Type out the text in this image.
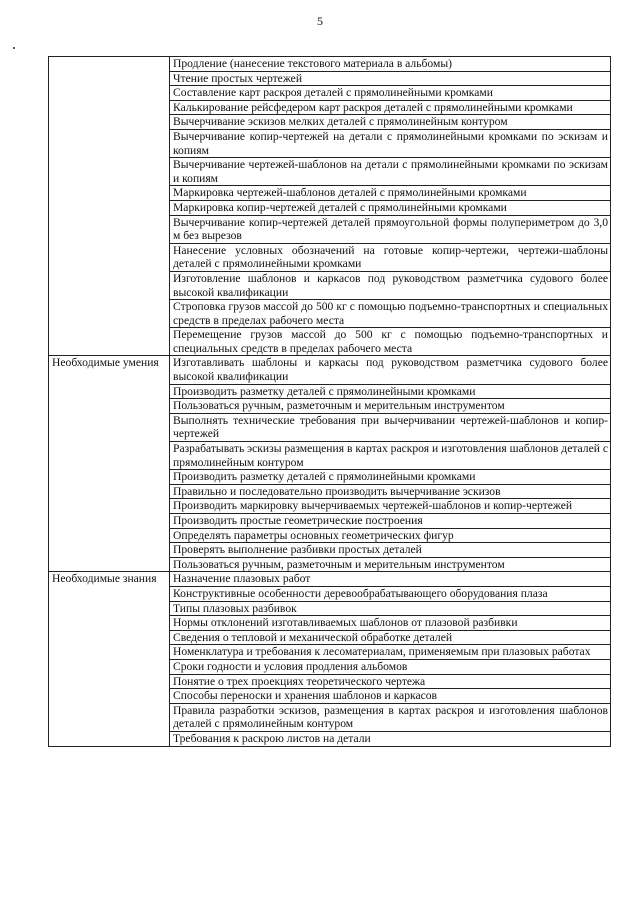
5
	Продление (нанесение текстового материала в альбомы)
	Чтение простых чертежей
	Составление карт раскроя деталей с прямолинейными кромками
	Калькирование рейсфедером карт раскроя деталей с прямолинейными кромками
	Вычерчивание эскизов мелких деталей с прямолинейным контуром
	Вычерчивание копир-чертежей на детали с прямолинейными кромками по эскизам и копиям
	Вычерчивание чертежей-шаблонов на детали с прямолинейными кромками по эскизам и копиям
	Маркировка чертежей-шаблонов деталей с прямолинейными кромками
	Маркировка копир-чертежей деталей с прямолинейными кромками
	Вычерчивание копир-чертежей деталей прямоугольной формы полупериметром до 3,0 м без вырезов
	Нанесение условных обозначений на готовые копир-чертежи, чертежи-шаблоны деталей с прямолинейными кромками
	Изготовление шаблонов и каркасов под руководством разметчика судового более высокой квалификации
	Строповка грузов массой до 500 кг с помощью подъемно-транспортных и специальных средств в пределах рабочего места
	Перемещение грузов массой до 500 кг с помощью подъемно-транспортных и специальных средств в пределах рабочего места
Необходимые умения	Изготавливать шаблоны и каркасы под руководством разметчика судового более высокой квалификации
	Производить разметку деталей с прямолинейными кромками
	Пользоваться ручным, разметочным и мерительным инструментом
	Выполнять технические требования при вычерчивании чертежей-шаблонов и копир-чертежей
	Разрабатывать эскизы размещения в картах раскроя и изготовления шаблонов деталей с прямолинейным контуром
	Производить разметку деталей с прямолинейными кромками
	Правильно и последовательно производить вычерчивание эскизов
	Производить маркировку вычерчиваемых чертежей-шаблонов и копир-чертежей
	Производить простые геометрические построения
	Определять параметры основных геометрических фигур
	Проверять выполнение разбивки простых деталей
	Пользоваться ручным, разметочным и мерительным инструментом
Необходимые знания	Назначение плазовых работ
	Конструктивные особенности деревообрабатывающего оборудования плаза
	Типы плазовых разбивок
	Нормы отклонений изготавливаемых шаблонов от плазовой разбивки
	Сведения о тепловой и механической обработке деталей
	Номенклатура и требования к лесоматериалам, применяемым при плазовых работах
	Сроки годности и условия продления альбомов
	Понятие о трех проекциях теоретического чертежа
	Способы переноски и хранения шаблонов и каркасов
	Правила разработки эскизов, размещения в картах раскроя и изготовления шаблонов деталей с прямолинейным контуром
	Требования к раскрою листов на детали
